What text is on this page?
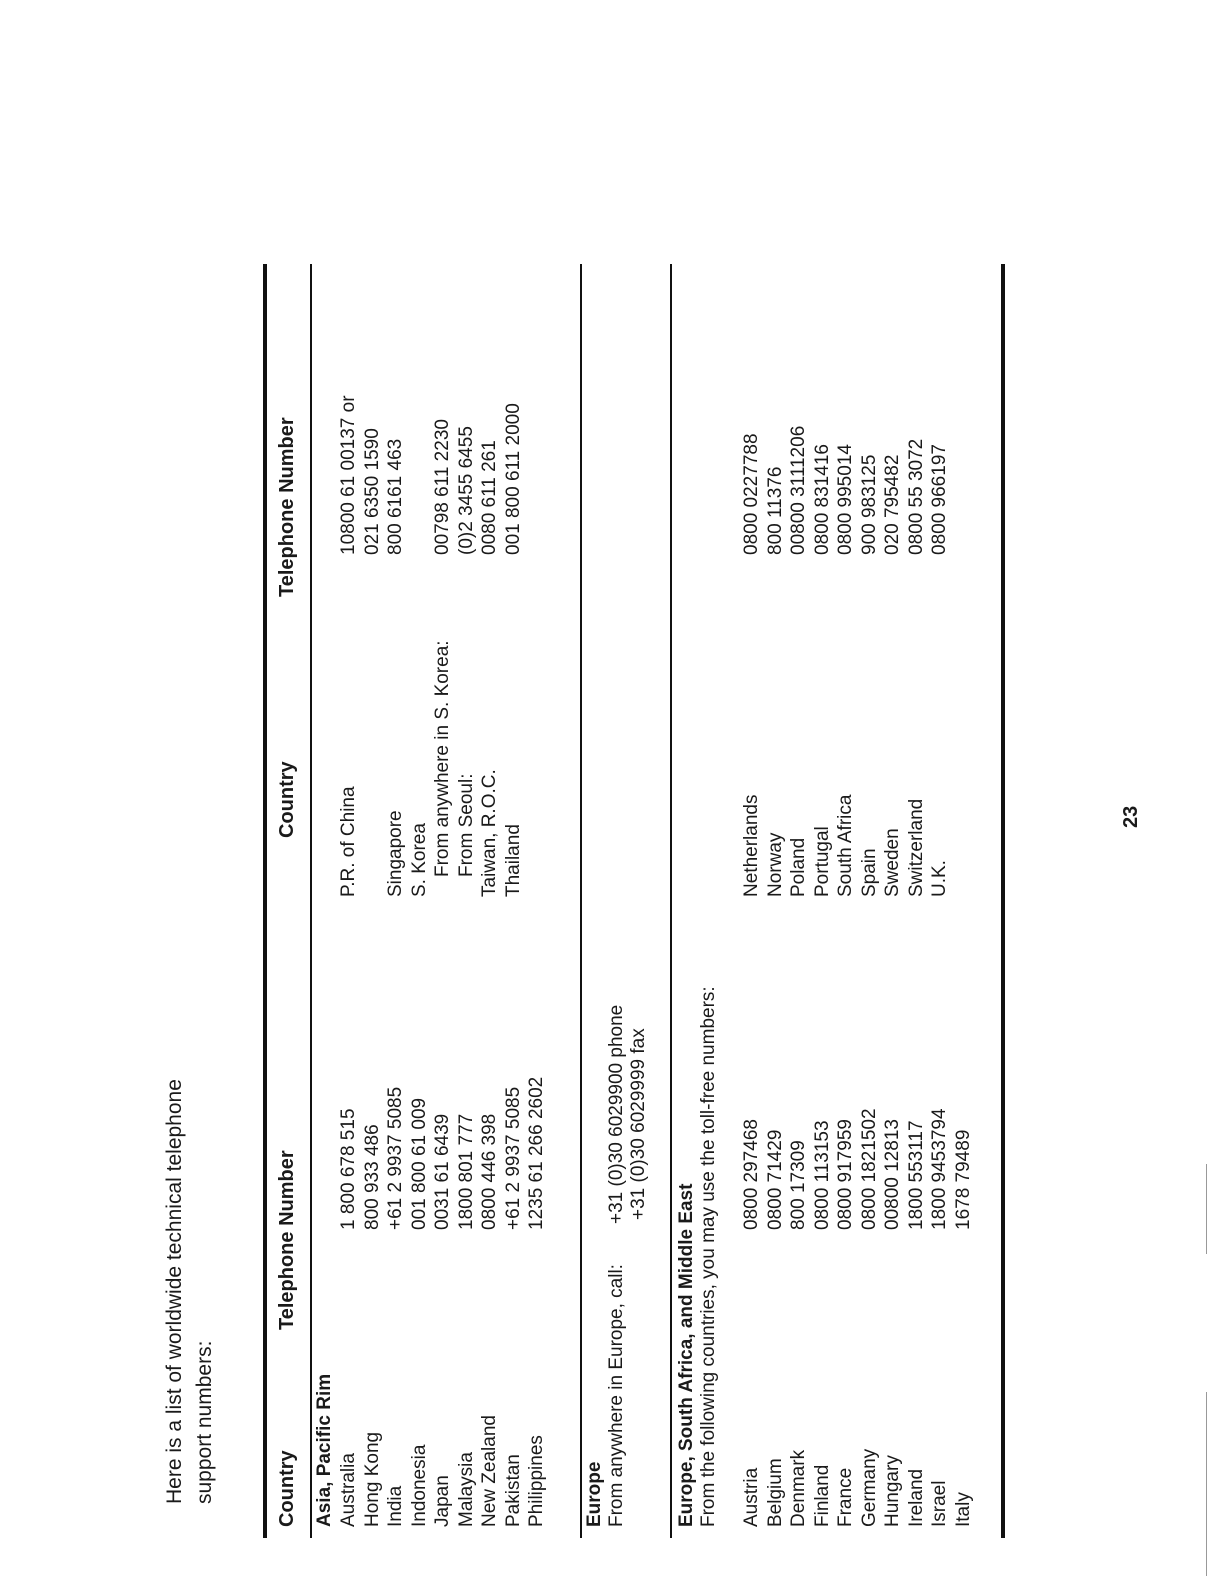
Here is a list of worldwide technical telephone support numbers:	Country
Telephone Number
Country
Telephone Number
Asia, Pacific Rim Australia Hong Kong India Indonesia Japan Malaysia New Zealand Pakistan Philippines
1 800 678 515 800 933 486 +61 2 9937 5085 001 800 61 009 0031 61 6439 1800 801 777 0800 446 398 +61 2 9937 5085 1235 61 266 2602
P.R. of China Singapore S. Korea From anywhere in S. Korea: From Seoul: Taiwan, R.O.C. Thailand
10800 61 00137 or 021 6350 1590 800 6161 463 00798 611 2230 (0)2 3455 6455 0080 611 261 001 800 611 2000
Europe From anywhere in Europe, call:
+31 (0)30 6029900 phone +31 (0)30 6029999 fax
Europe, South Africa, and Middle East From the following countries, you may use the toll-free numbers: Austria Belgium Denmark Finland France Germany Hungary Ireland Israel Italy
0800 297468 0800 71429 800 17309 0800 113153 0800 917959 0800 1821502 00800 12813 1800 553117 1800 9453794 1678 79489
Netherlands Norway Poland Portugal South Africa Spain Sweden Switzerland U.K.
0800 0227788 800 11376 00800 3111206 0800 831416 0800 995014 900 983125 020 795482 0800 55 3072 0800 966197
23
